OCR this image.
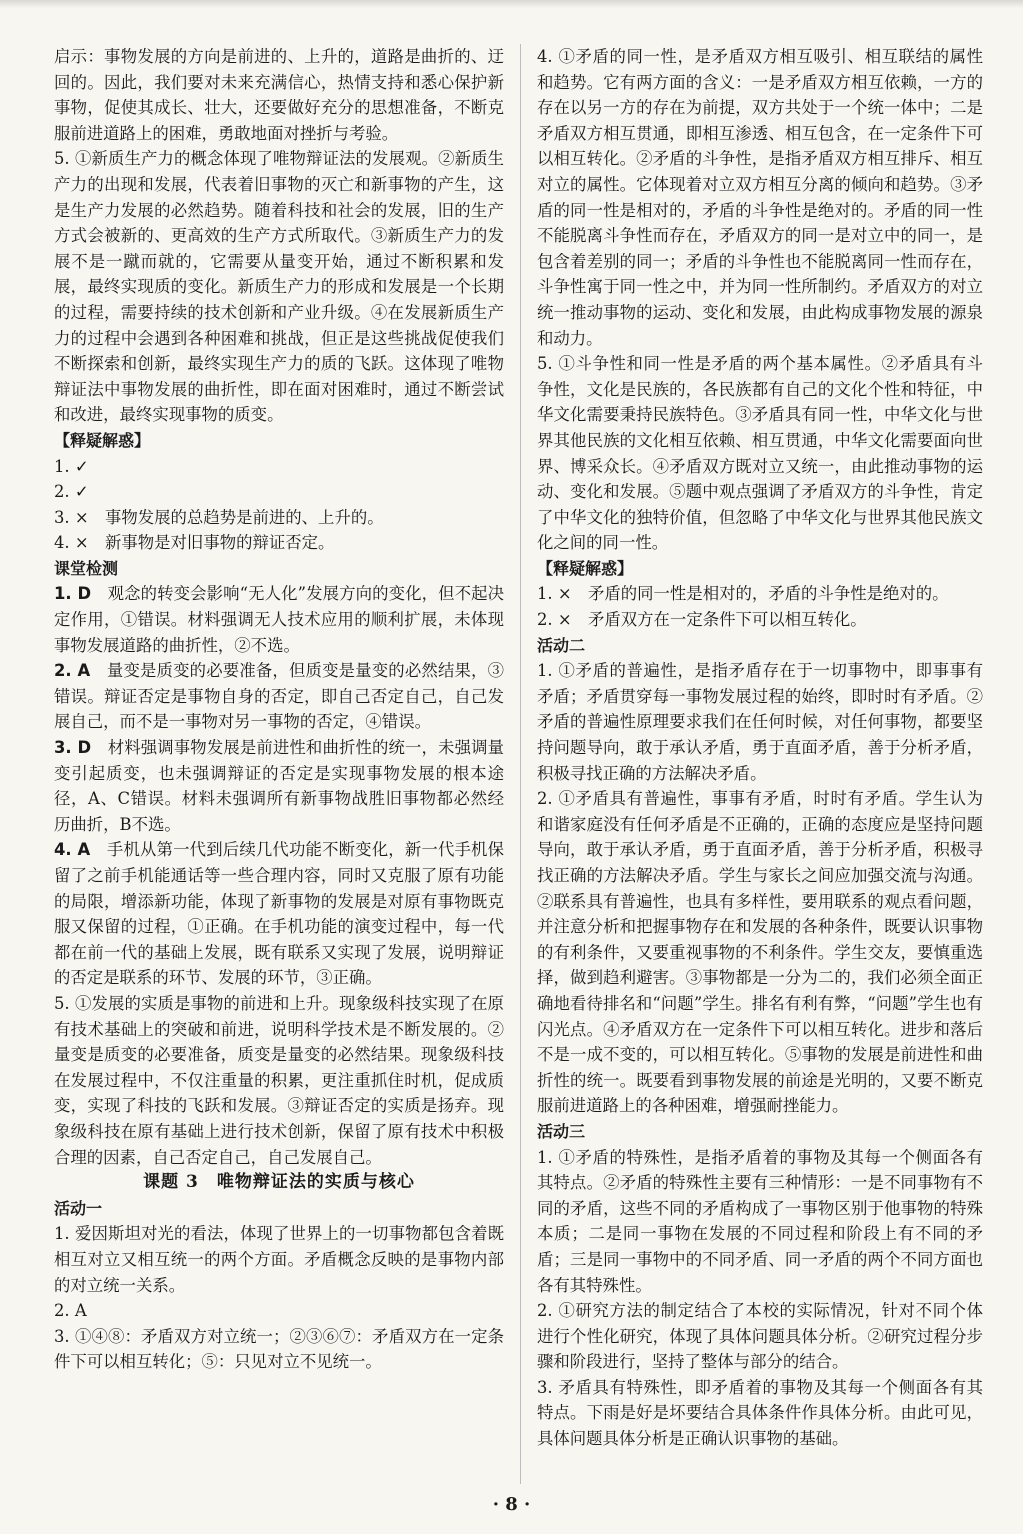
启示：事物发展的方向是前进的、上升的，道路是曲折的、迂回的。因此，我们要对未来充满信心，热情支持和悉心保护新事物，促使其成长、壮大，还要做好充分的思想准备，不断克服前进道路上的困难，勇敢地面对挫折与考验。

5. ①新质生产力的概念体现了唯物辩证法的发展观。②新质生产力的出现和发展，代表着旧事物的灭亡和新事物的产生，这是生产力发展的必然趋势。随着科技和社会的发展，旧的生产方式会被新的、更高效的生产方式所取代。③新质生产力的发展不是一蹴而就的，它需要从量变开始，通过不断积累和发展，最终实现质的变化。新质生产力的形成和发展是一个长期的过程，需要持续的技术创新和产业升级。④在发展新质生产力的过程中会遇到各种困难和挑战，但正是这些挑战促使我们不断探索和创新，最终实现生产力的质的飞跃。这体现了唯物辩证法中事物发展的曲折性，即在面对困难时，通过不断尝试和改进，最终实现事物的质变。

【释疑解惑】

1. ✓

2. ✓

3. ×　事物发展的总趋势是前进的、上升的。

4. ×　新事物是对旧事物的辩证否定。

课堂检测

1. D　观念的转变会影响“无人化”发展方向的变化，但不起决定作用，①错误。材料强调无人技术应用的顺利扩展，未体现事物发展道路的曲折性，②不选。

2. A　量变是质变的必要准备，但质变是量变的必然结果，③错误。辩证否定是事物自身的否定，即自己否定自己，自己发展自己，而不是一事物对另一事物的否定，④错误。

3. D　材料强调事物发展是前进性和曲折性的统一，未强调量变引起质变，也未强调辩证的否定是实现事物发展的根本途径，A、C错误。材料未强调所有新事物战胜旧事物都必然经历曲折，B不选。

4. A　手机从第一代到后续几代功能不断变化，新一代手机保留了之前手机能通话等一些合理内容，同时又克服了原有功能的局限，增添新功能，体现了新事物的发展是对原有事物既克服又保留的过程，①正确。在手机功能的演变过程中，每一代都在前一代的基础上发展，既有联系又实现了发展，说明辩证的否定是联系的环节、发展的环节，③正确。

5. ①发展的实质是事物的前进和上升。现象级科技实现了在原有技术基础上的突破和前进，说明科学技术是不断发展的。②量变是质变的必要准备，质变是量变的必然结果。现象级科技在发展过程中，不仅注重量的积累，更注重抓住时机，促成质变，实现了科技的飞跃和发展。③辩证否定的实质是扬弃。现象级科技在原有基础上进行技术创新，保留了原有技术中积极合理的因素，自己否定自己，自己发展自己。

课题 3　唯物辩证法的实质与核心

活动一

1. 爱因斯坦对光的看法，体现了世界上的一切事物都包含着既相互对立又相互统一的两个方面。矛盾概念反映的是事物内部的对立统一关系。

2. A

3. ①④⑧：矛盾双方对立统一；②③⑥⑦：矛盾双方在一定条件下可以相互转化；⑤：只见对立不见统一。

4. ①矛盾的同一性，是矛盾双方相互吸引、相互联结的属性和趋势。它有两方面的含义：一是矛盾双方相互依赖，一方的存在以另一方的存在为前提，双方共处于一个统一体中；二是矛盾双方相互贯通，即相互渗透、相互包含，在一定条件下可以相互转化。②矛盾的斗争性，是指矛盾双方相互排斥、相互对立的属性。它体现着对立双方相互分离的倾向和趋势。③矛盾的同一性是相对的，矛盾的斗争性是绝对的。矛盾的同一性不能脱离斗争性而存在，矛盾双方的同一是对立中的同一，是包含着差别的同一；矛盾的斗争性也不能脱离同一性而存在，斗争性寓于同一性之中，并为同一性所制约。矛盾双方的对立统一推动事物的运动、变化和发展，由此构成事物发展的源泉和动力。

5. ①斗争性和同一性是矛盾的两个基本属性。②矛盾具有斗争性，文化是民族的，各民族都有自己的文化个性和特征，中华文化需要秉持民族特色。③矛盾具有同一性，中华文化与世界其他民族的文化相互依赖、相互贯通，中华文化需要面向世界、博采众长。④矛盾双方既对立又统一，由此推动事物的运动、变化和发展。⑤题中观点强调了矛盾双方的斗争性，肯定了中华文化的独特价值，但忽略了中华文化与世界其他民族文化之间的同一性。

【释疑解惑】

1. ×　矛盾的同一性是相对的，矛盾的斗争性是绝对的。

2. ×　矛盾双方在一定条件下可以相互转化。

活动二

1. ①矛盾的普遍性，是指矛盾存在于一切事物中，即事事有矛盾；矛盾贯穿每一事物发展过程的始终，即时时有矛盾。②矛盾的普遍性原理要求我们在任何时候，对任何事物，都要坚持问题导向，敢于承认矛盾，勇于直面矛盾，善于分析矛盾，积极寻找正确的方法解决矛盾。

2. ①矛盾具有普遍性，事事有矛盾，时时有矛盾。学生认为和谐家庭没有任何矛盾是不正确的，正确的态度应是坚持问题导向，敢于承认矛盾，勇于直面矛盾，善于分析矛盾，积极寻找正确的方法解决矛盾。学生与家长之间应加强交流与沟通。②联系具有普遍性，也具有多样性，要用联系的观点看问题，并注意分析和把握事物存在和发展的各种条件，既要认识事物的有利条件，又要重视事物的不利条件。学生交友，要慎重选择，做到趋利避害。③事物都是一分为二的，我们必须全面正确地看待排名和“问题”学生。排名有利有弊，“问题”学生也有闪光点。④矛盾双方在一定条件下可以相互转化。进步和落后不是一成不变的，可以相互转化。⑤事物的发展是前进性和曲折性的统一。既要看到事物发展的前途是光明的，又要不断克服前进道路上的各种困难，增强耐挫能力。

活动三

1. ①矛盾的特殊性，是指矛盾着的事物及其每一个侧面各有其特点。②矛盾的特殊性主要有三种情形：一是不同事物有不同的矛盾，这些不同的矛盾构成了一事物区别于他事物的特殊本质；二是同一事物在发展的不同过程和阶段上有不同的矛盾；三是同一事物中的不同矛盾、同一矛盾的两个不同方面也各有其特殊性。

2. ①研究方法的制定结合了本校的实际情况，针对不同个体进行个性化研究，体现了具体问题具体分析。②研究过程分步骤和阶段进行，坚持了整体与部分的结合。

3. 矛盾具有特殊性，即矛盾着的事物及其每一个侧面各有其特点。下雨是好是坏要结合具体条件作具体分析。由此可见，具体问题具体分析是正确认识事物的基础。

· 8 ·
